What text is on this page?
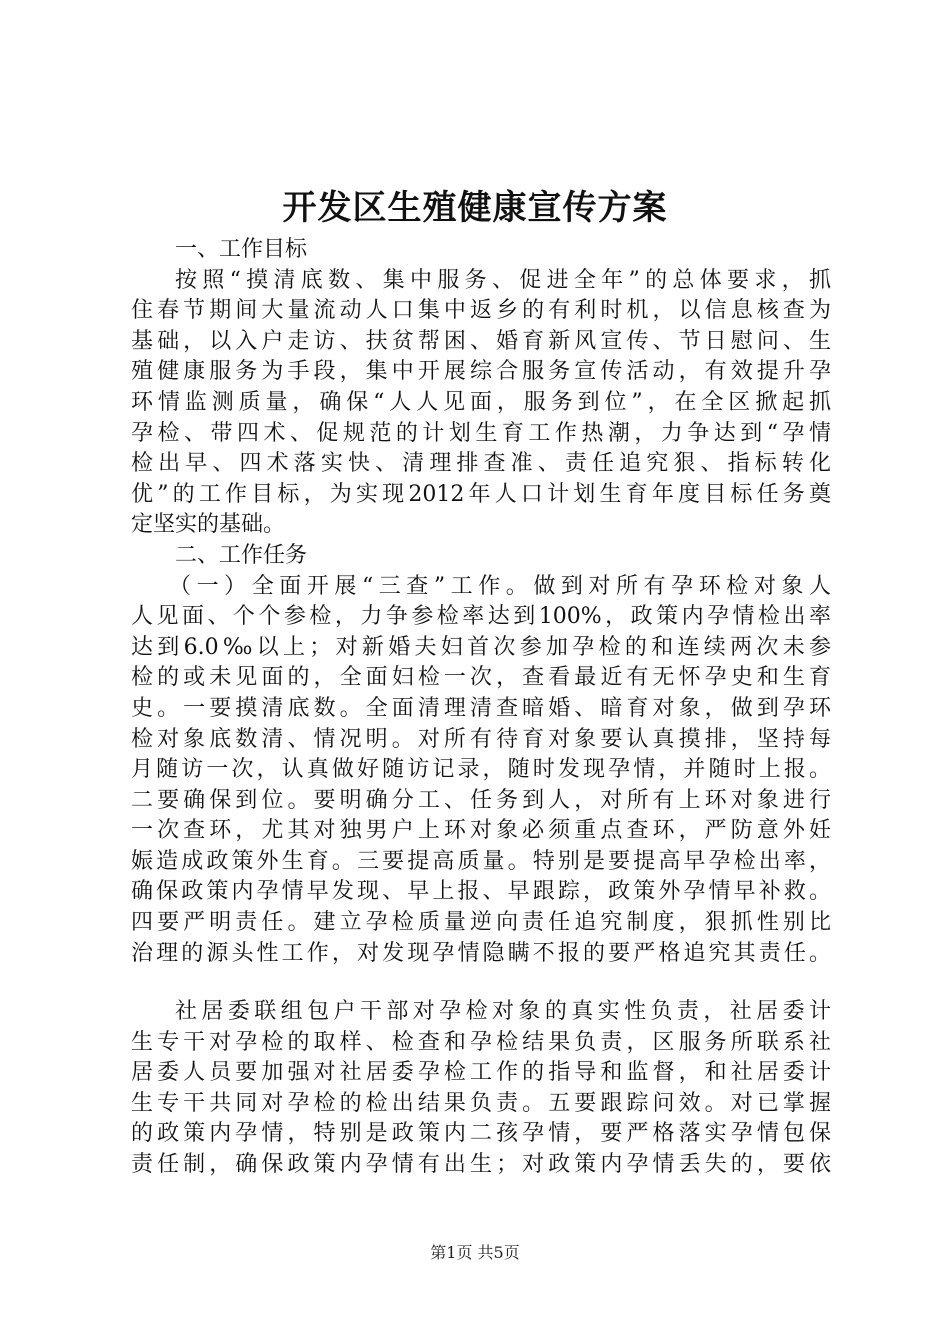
开发区生殖健康宣传方案
一、工作目标
按照“摸清底数、集中服务、促进全年”的总体要求，抓
住春节期间大量流动人口集中返乡的有利时机，以信息核查为
基础，以入户走访、扶贫帮困、婚育新风宣传、节日慰问、生
殖健康服务为手段，集中开展综合服务宣传活动，有效提升孕
环情监测质量，确保“人人见面，服务到位”，在全区掀起抓
孕检、带四术、促规范的计划生育工作热潮，力争达到“孕情
检出早、四术落实快、清理排查准、责任追究狠、指标转化
优”的工作目标，为实现2012年人口计划生育年度目标任务奠
定坚实的基础。
二、工作任务
（一）全面开展“三查”工作。做到对所有孕环检对象人
人见面、个个参检，力争参检率达到100%，政策内孕情检出率
达到6.0‰以上；对新婚夫妇首次参加孕检的和连续两次未参
检的或未见面的，全面妇检一次，查看最近有无怀孕史和生育
史。一要摸清底数。全面清理清查暗婚、暗育对象，做到孕环
检对象底数清、情况明。对所有待育对象要认真摸排，坚持每
月随访一次，认真做好随访记录，随时发现孕情，并随时上报。
二要确保到位。要明确分工、任务到人，对所有上环对象进行
一次查环，尤其对独男户上环对象必须重点查环，严防意外妊
娠造成政策外生育。三要提高质量。特别是要提高早孕检出率，
确保政策内孕情早发现、早上报、早跟踪，政策外孕情早补救。
四要严明责任。建立孕检质量逆向责任追究制度，狠抓性别比
治理的源头性工作，对发现孕情隐瞒不报的要严格追究其责任。
社居委联组包户干部对孕检对象的真实性负责，社居委计
生专干对孕检的取样、检查和孕检结果负责，区服务所联系社
居委人员要加强对社居委孕检工作的指导和监督，和社居委计
生专干共同对孕检的检出结果负责。五要跟踪问效。对已掌握
的政策内孕情，特别是政策内二孩孕情，要严格落实孕情包保
责任制，确保政策内孕情有出生；对政策内孕情丢失的，要依
第1页 共5页
